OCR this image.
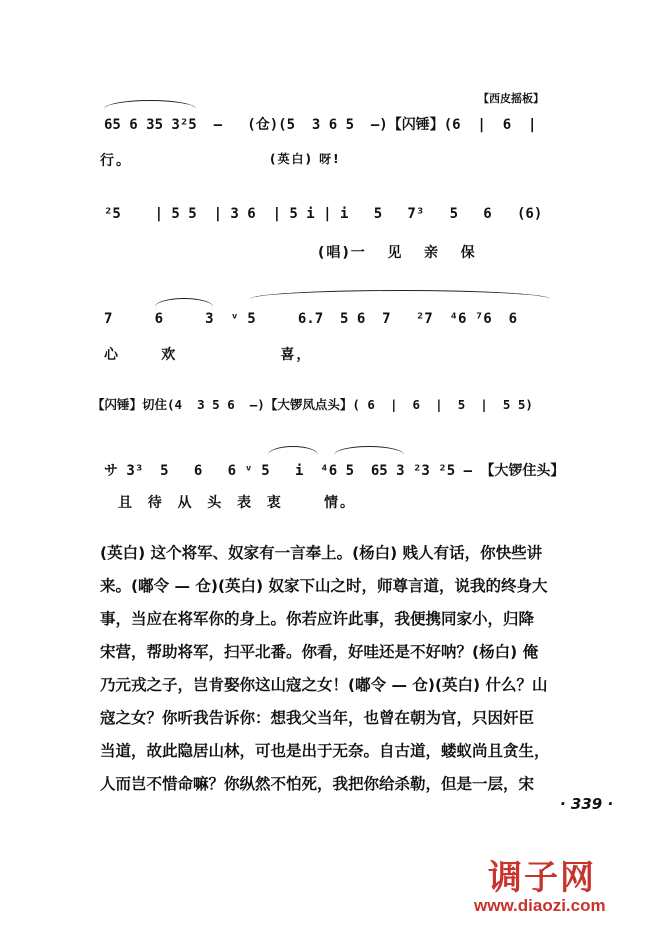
【西皮摇板】
65 6 35 3²5  –   (仓)(5  3 6 5  –)【闪锤】(6  |  6  |
行。	(英白) 呀!
²5    | 5 5  | 3 6  | 5 i | i   5   7³   5   6   (6)
(唱)一   见   亲   保
7     6     3  ᵛ 5     6.7  5 6  7   ²7  ⁴6 ⁷6  6
心      欢               喜，
【闪锤】切住(4  3 5 6  –)【大锣凤点头】( 6  |  6  |  5  |  5 5)
サ 3³  5   6   6 ᵛ 5   i  ⁴6 5  65 3 ²3 ²5 – 【大锣住头】
且  待  从  头  表  衷      情。
(英白) 这个将军、奴家有一言奉上。(杨白) 贱人有话，你快些讲
来。(嘟令 — 仓)(英白) 奴家下山之时，师尊言道，说我的终身大
事，当应在将军你的身上。你若应许此事，我便携同家小，归降
宋营，帮助将军，扫平北番。你看，好哇还是不好呐？(杨白) 俺
乃元戎之子，岂肯娶你这山寇之女！(嘟令 — 仓)(英白) 什么？山
寇之女？你听我告诉你：想我父当年，也曾在朝为官，只因奸臣
当道，故此隐居山林，可也是出于无奈。自古道，蝼蚁尚且贪生，
人而岂不惜命嘛？你纵然不怕死，我把你给杀勒，但是一层，宋
· 339 ·
调子网
www.diaozi.com
